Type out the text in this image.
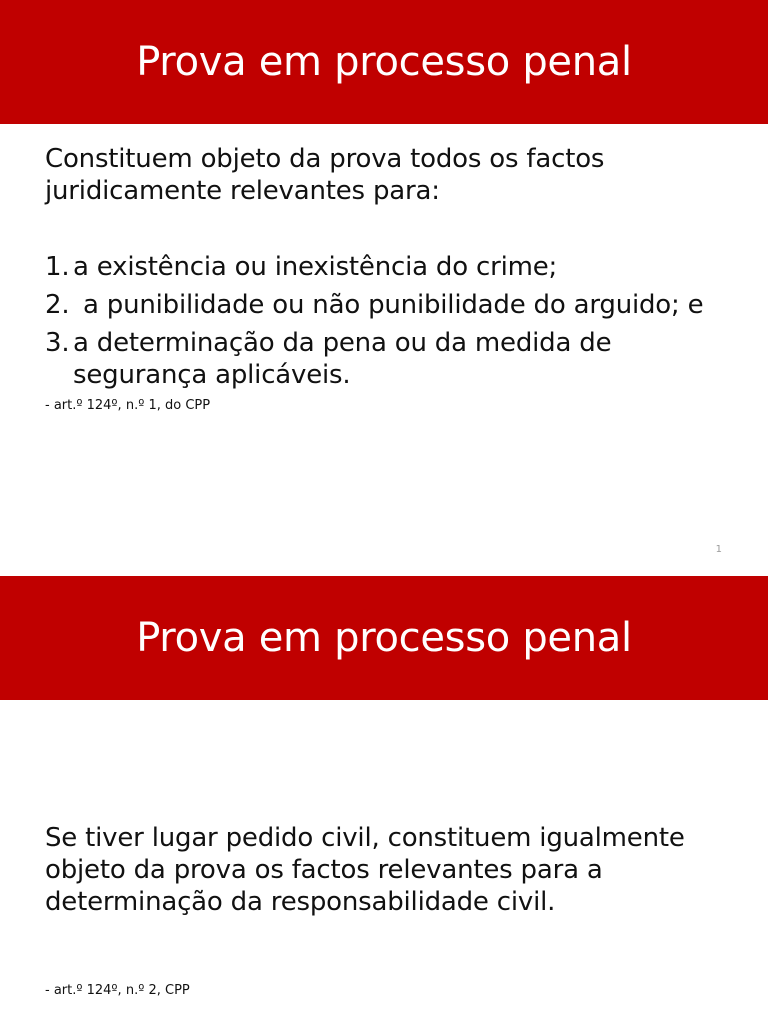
Prova em processo penal

Constituem objeto da prova todos os factos juridicamente relevantes para:

1. a existência ou inexistência do crime;
2. a punibilidade ou não punibilidade do arguido; e
3. a determinação da pena ou da medida de segurança aplicáveis.

- art.º 124º, n.º 1, do CPP

1
Prova em processo penal

Se tiver lugar pedido civil, constituem igualmente objeto da prova os factos relevantes para a determinação da responsabilidade civil.

- art.º 124º, n.º 2, CPP
